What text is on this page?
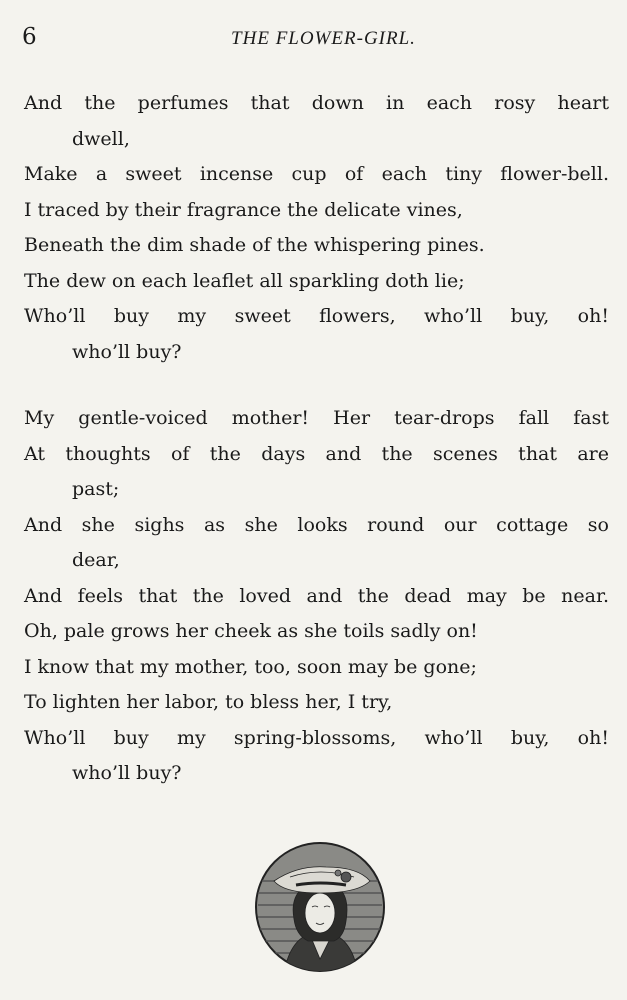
6	THE FLOWER-GIRL.
And the perfumes that down in each rosy heart
dwell,
Make a sweet incense cup of each tiny flower-bell.
I traced by their fragrance the delicate vines,
Beneath the dim shade of the whispering pines.
The dew on each leaflet all sparkling doth lie;
Who’ll buy my sweet flowers, who’ll buy, oh!
who’ll buy?
My gentle-voiced mother! Her tear-drops fall fast
At thoughts of the days and the scenes that are
past;
And she sighs as she looks round our cottage so
dear,
And feels that the loved and the dead may be near.
Oh, pale grows her cheek as she toils sadly on!
I know that my mother, too, soon may be gone;
To lighten her labor, to bless her, I try,
Who’ll buy my spring-blossoms, who’ll buy, oh!
who’ll buy?
